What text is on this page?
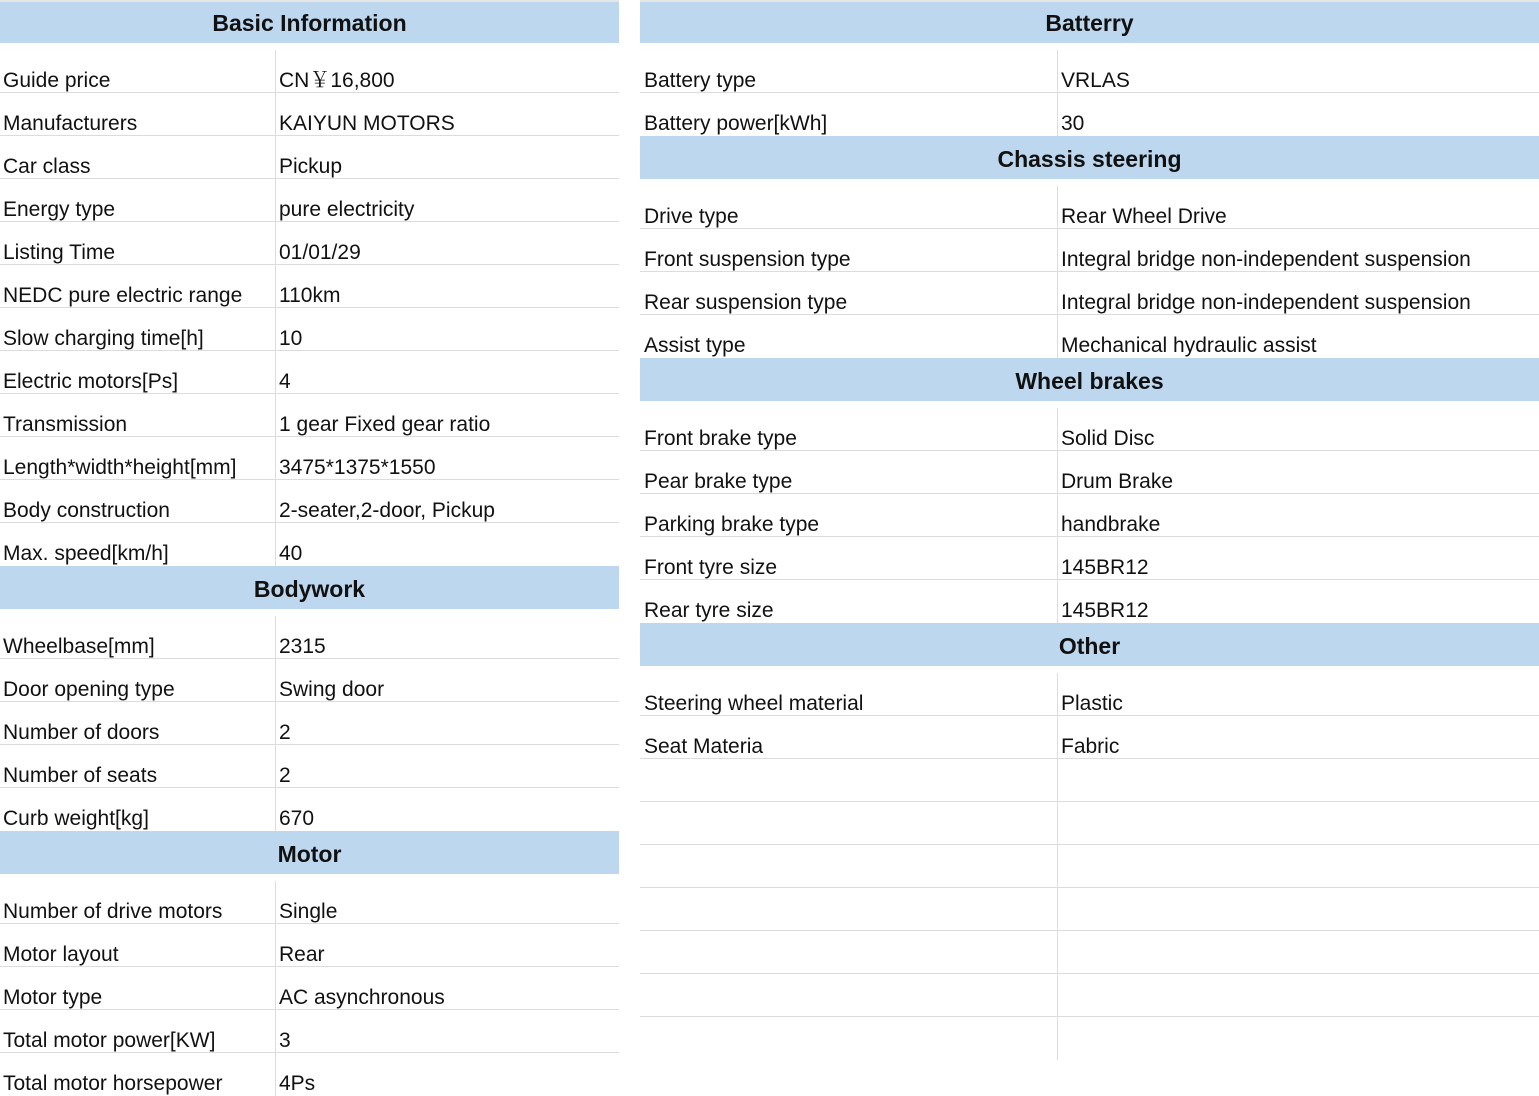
Basic Information
Guide price	CN￥16,800
Manufacturers	KAIYUN MOTORS
Car class	Pickup
Energy type	pure electricity
Listing Time	01/01/29
NEDC pure electric range	110km
Slow charging time[h]	10
Electric motors[Ps]	4
Transmission	1 gear Fixed gear ratio
Length*width*height[mm]	3475*1375*1550
Body construction	2-seater,2-door, Pickup
Max. speed[km/h]	40
Bodywork
Wheelbase[mm]	2315
Door opening type	Swing door
Number of doors	2
Number of seats	2
Curb weight[kg]	670
Motor
Number of drive motors	Single
Motor layout	Rear
Motor type	AC asynchronous
Total motor power[KW]	3
Total motor horsepower	4Ps
Batterry
Battery type	VRLAS
Battery power[kWh]	30
Chassis steering
Drive type	Rear Wheel Drive
Front suspension type	Integral bridge non-independent suspension
Rear suspension type	Integral bridge non-independent suspension
Assist type	Mechanical hydraulic assist
Wheel brakes
Front brake type	Solid Disc
Pear brake type	Drum Brake
Parking brake type	handbrake
Front tyre size	145BR12
Rear tyre size	145BR12
Other
Steering wheel material	Plastic
Seat Materia	Fabric
